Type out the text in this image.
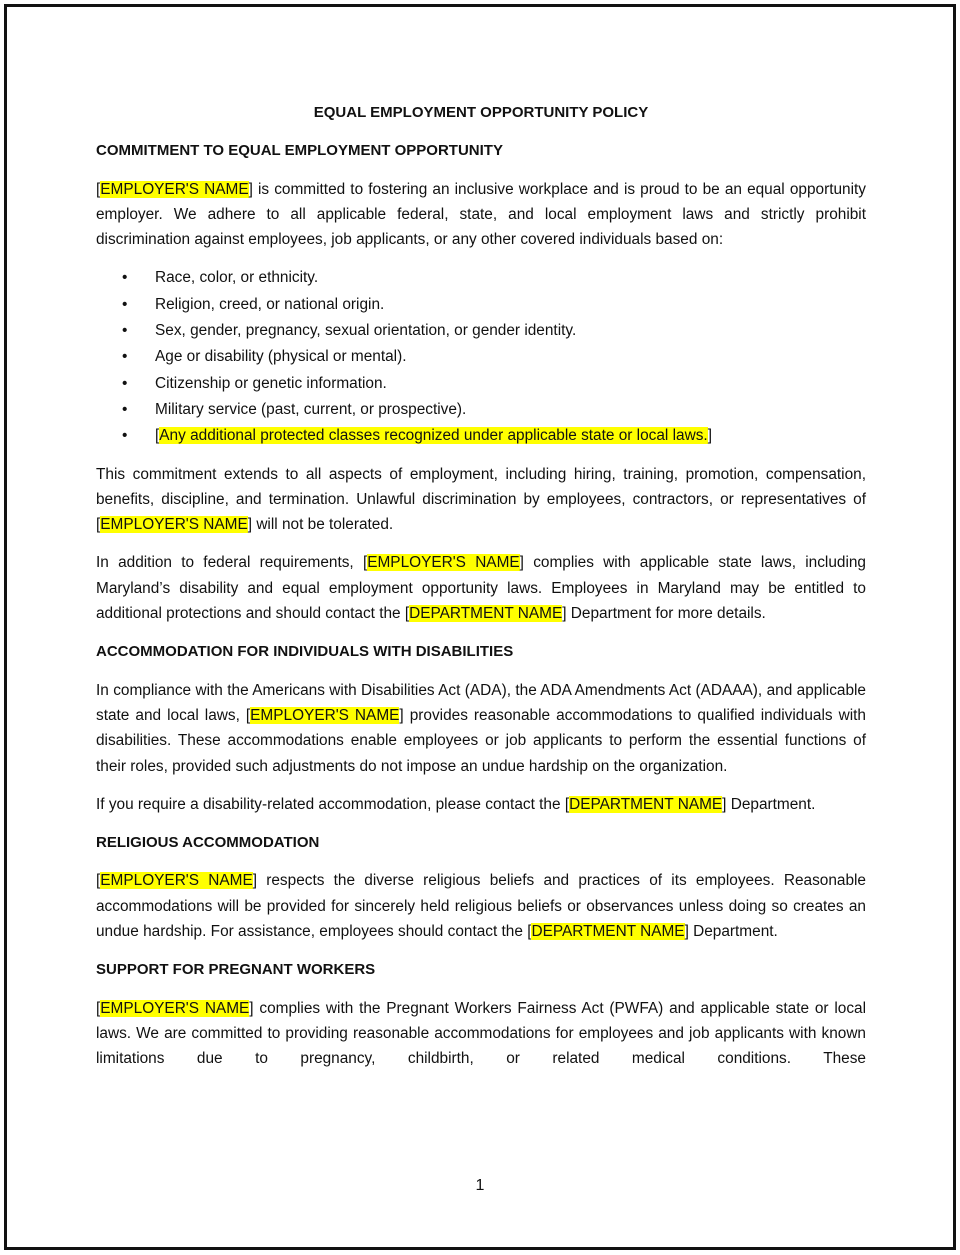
EQUAL EMPLOYMENT OPPORTUNITY POLICY
COMMITMENT TO EQUAL EMPLOYMENT OPPORTUNITY

[EMPLOYER'S NAME] is committed to fostering an inclusive workplace and is proud to be an equal opportunity employer. We adhere to all applicable federal, state, and local employment laws and strictly prohibit discrimination against employees, job applicants, or any other covered individuals based on:

• Race, color, or ethnicity.
• Religion, creed, or national origin.
• Sex, gender, pregnancy, sexual orientation, or gender identity.
• Age or disability (physical or mental).
• Citizenship or genetic information.
• Military service (past, current, or prospective).
• [Any additional protected classes recognized under applicable state or local laws.]

This commitment extends to all aspects of employment, including hiring, training, promotion, compensation, benefits, discipline, and termination. Unlawful discrimination by employees, contractors, or representatives of [EMPLOYER'S NAME] will not be tolerated.

In addition to federal requirements, [EMPLOYER'S NAME] complies with applicable state laws, including Maryland’s disability and equal employment opportunity laws. Employees in Maryland may be entitled to additional protections and should contact the [DEPARTMENT NAME] Department for more details.

ACCOMMODATION FOR INDIVIDUALS WITH DISABILITIES

In compliance with the Americans with Disabilities Act (ADA), the ADA Amendments Act (ADAAA), and applicable state and local laws, [EMPLOYER'S NAME] provides reasonable accommodations to qualified individuals with disabilities. These accommodations enable employees or job applicants to perform the essential functions of their roles, provided such adjustments do not impose an undue hardship on the organization.

If you require a disability-related accommodation, please contact the [DEPARTMENT NAME] Department.

RELIGIOUS ACCOMMODATION

[EMPLOYER'S NAME] respects the diverse religious beliefs and practices of its employees. Reasonable accommodations will be provided for sincerely held religious beliefs or observances unless doing so creates an undue hardship. For assistance, employees should contact the [DEPARTMENT NAME] Department.

SUPPORT FOR PREGNANT WORKERS

[EMPLOYER'S NAME] complies with the Pregnant Workers Fairness Act (PWFA) and applicable state or local laws. We are committed to providing reasonable accommodations for employees and job applicants with known limitations due to pregnancy, childbirth, or related medical conditions. These

1
